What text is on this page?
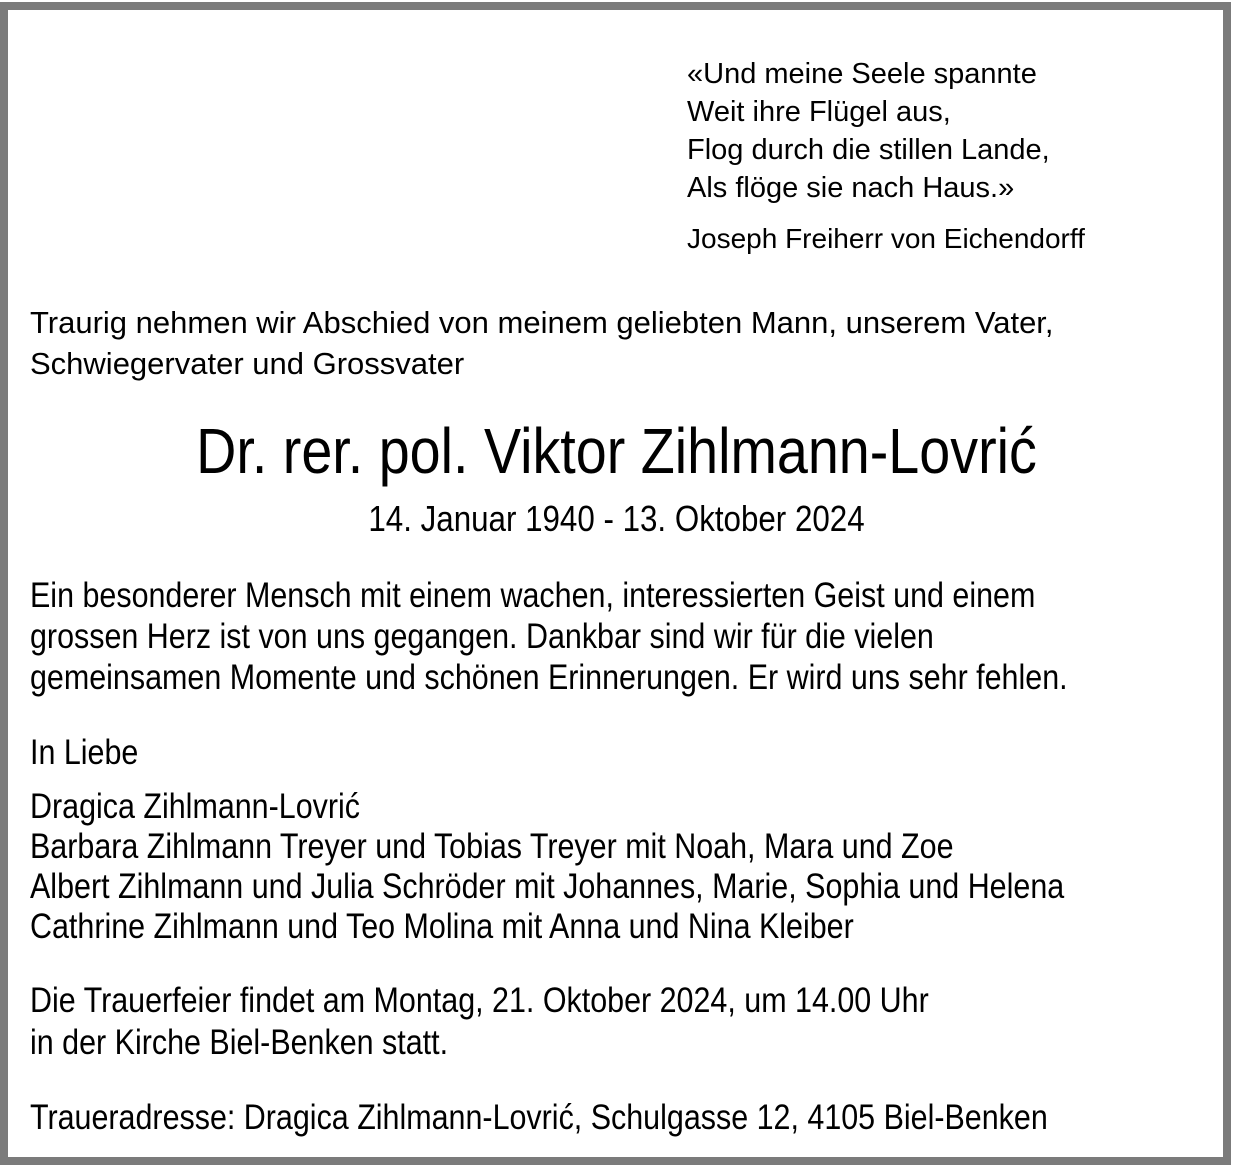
«Und meine Seele spannte
Weit ihre Flügel aus,
Flog durch die stillen Lande,
Als flöge sie nach Haus.»
Joseph Freiherr von Eichendorff
Traurig nehmen wir Abschied von meinem geliebten Mann, unserem Vater,
Schwiegervater und Grossvater
Dr. rer. pol. Viktor Zihlmann-Lovrić
14. Januar 1940 - 13. Oktober 2024
Ein besonderer Mensch mit einem wachen, interessierten Geist und einem
grossen Herz ist von uns gegangen. Dankbar sind wir für die vielen
gemeinsamen Momente und schönen Erinnerungen. Er wird uns sehr fehlen.
In Liebe
Dragica Zihlmann-Lovrić
Barbara Zihlmann Treyer und Tobias Treyer mit Noah, Mara und Zoe
Albert Zihlmann und Julia Schröder mit Johannes, Marie, Sophia und Helena
Cathrine Zihlmann und Teo Molina mit Anna und Nina Kleiber
Die Trauerfeier findet am Montag, 21. Oktober 2024, um 14.00 Uhr
in der Kirche Biel-Benken statt.
Traueradresse: Dragica Zihlmann-Lovrić, Schulgasse 12, 4105 Biel-Benken
